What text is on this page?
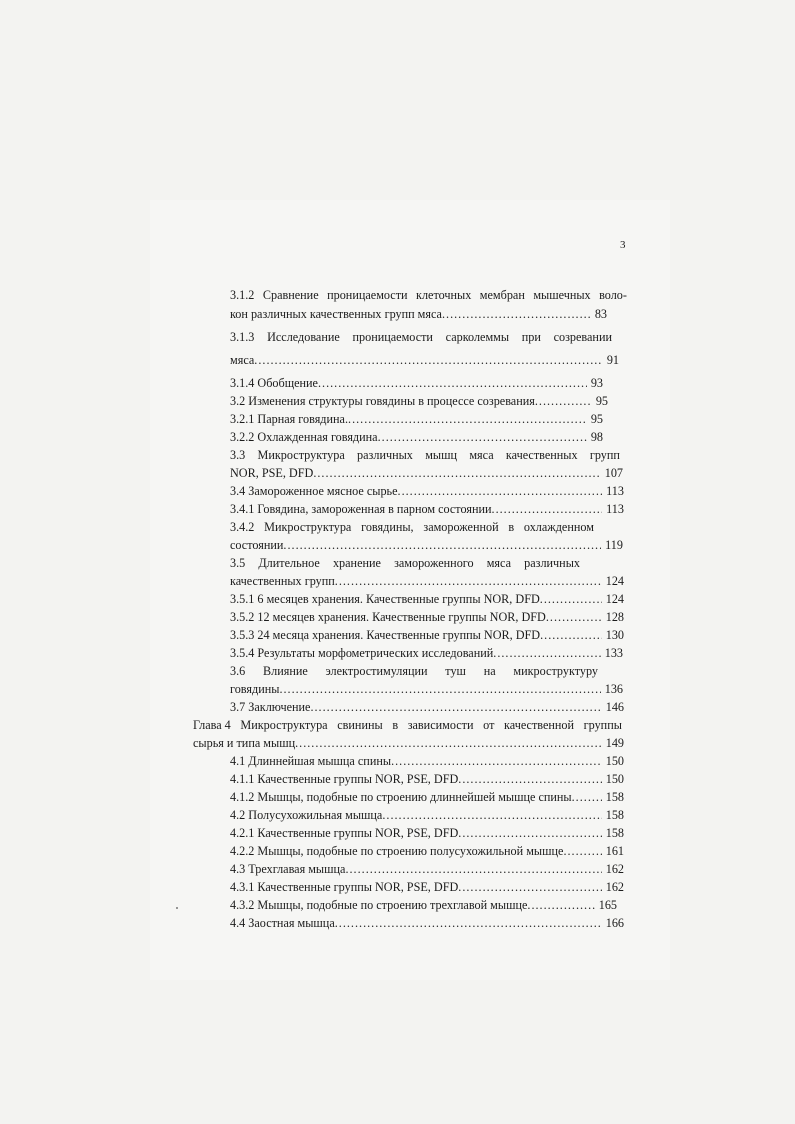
3
3.1.2 Сравнение проницаемости клеточных мембран мышечных воло-
кон различных качественных групп мяса .....	83
3.1.3 Исследование проницаемости сарколеммы при созревании
мяса .....	91
3.1.4 Обобщение .....	93
3.2 Изменения структуры говядины в процессе созревания .....	95
3.2.1 Парная говядина. .....	95
3.2.2 Охлажденная говядина .....	98
3.3 Микроструктура различных мышц мяса качественных групп
NOR, PSE, DFD .....	107
3.4 Замороженное мясное сырье .....	113
3.4.1 Говядина, замороженная в парном состоянии .....	113
3.4.2 Микроструктура говядины, замороженной в охлажденном
состоянии .....	119
3.5 Длительное хранение замороженного мяса различных
качественных групп .....	124
3.5.1 6 месяцев хранения. Качественные группы NOR, DFD .....	124
3.5.2 12 месяцев хранения. Качественные группы NOR, DFD .....	128
3.5.3 24 месяца хранения. Качественные группы NOR, DFD .....	130
3.5.4 Результаты морфометрических исследований .....	133
3.6 Влияние электростимуляции туш на микроструктуру
говядины .....	136
3.7 Заключение .....	146
Глава 4 Микроструктура свинины в зависимости от качественной группы
сырья и типа мышц .....	149
4.1 Длиннейшая мышца спины .....	150
4.1.1 Качественные группы NOR, PSE, DFD .....	150
4.1.2 Мышцы, подобные по строению длиннейшей мышце спины .....	158
4.2 Полусухожильная мышца .....	158
4.2.1 Качественные группы NOR, PSE, DFD .....	158
4.2.2 Мышцы, подобные по строению полусухожильной мышце .....	161
4.3 Трехглавая мышца .....	162
4.3.1 Качественные группы NOR, PSE, DFD .....	162
4.3.2 Мышцы, подобные по строению трехглавой мышце .....	165
4.4 Заостная мышца .....	166
